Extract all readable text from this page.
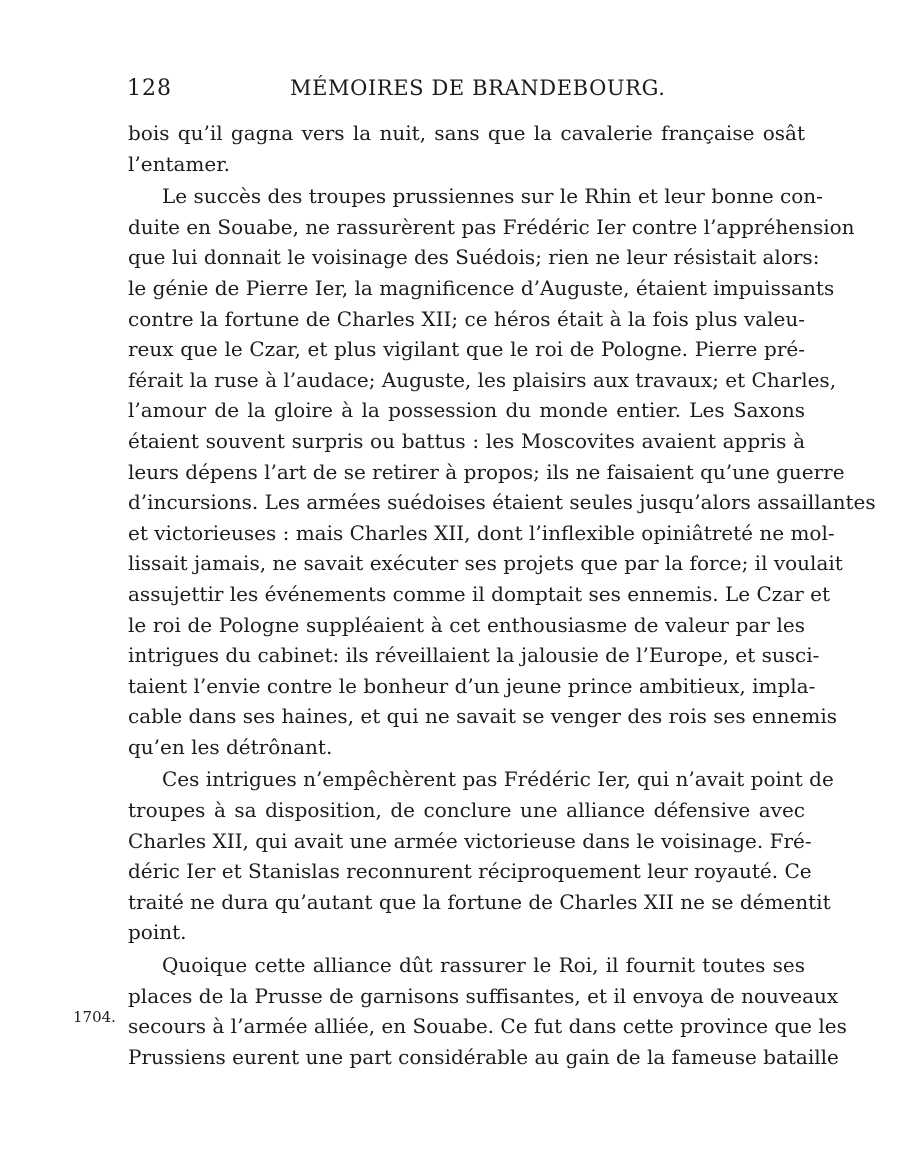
128	MÉMOIRES DE BRANDEBOURG.
1704.
bois qu’il gagna vers la nuit, sans que la cavalerie française osât
l’entamer.
Le succès des troupes prussiennes sur le Rhin et leur bonne con-
duite en Souabe, ne rassurèrent pas Frédéric Ier contre l’appréhension
que lui donnait le voisinage des Suédois; rien ne leur résistait alors:
le génie de Pierre Ier, la magnificence d’Auguste, étaient impuissants
contre la fortune de Charles XII; ce héros était à la fois plus valeu-
reux que le Czar, et plus vigilant que le roi de Pologne. Pierre pré-
férait la ruse à l’audace; Auguste, les plaisirs aux travaux; et Charles,
l’amour de la gloire à la possession du monde entier. Les Saxons
étaient souvent surpris ou battus : les Moscovites avaient appris à
leurs dépens l’art de se retirer à propos; ils ne faisaient qu’une guerre
d’incursions. Les armées suédoises étaient seules jusqu’alors assaillantes
et victorieuses : mais Charles XII, dont l’inflexible opiniâtreté ne mol-
lissait jamais, ne savait exécuter ses projets que par la force; il voulait
assujettir les événements comme il domptait ses ennemis. Le Czar et
le roi de Pologne suppléaient à cet enthousiasme de valeur par les
intrigues du cabinet: ils réveillaient la jalousie de l’Europe, et susci-
taient l’envie contre le bonheur d’un jeune prince ambitieux, impla-
cable dans ses haines, et qui ne savait se venger des rois ses ennemis
qu’en les détrônant.
Ces intrigues n’empêchèrent pas Frédéric Ier, qui n’avait point de
troupes à sa disposition, de conclure une alliance défensive avec
Charles XII, qui avait une armée victorieuse dans le voisinage. Fré-
déric Ier et Stanislas reconnurent réciproquement leur royauté. Ce
traité ne dura qu’autant que la fortune de Charles XII ne se démentit
point.
Quoique cette alliance dût rassurer le Roi, il fournit toutes ses
places de la Prusse de garnisons suffisantes, et il envoya de nouveaux
secours à l’armée alliée, en Souabe. Ce fut dans cette province que les
Prussiens eurent une part considérable au gain de la fameuse bataille
